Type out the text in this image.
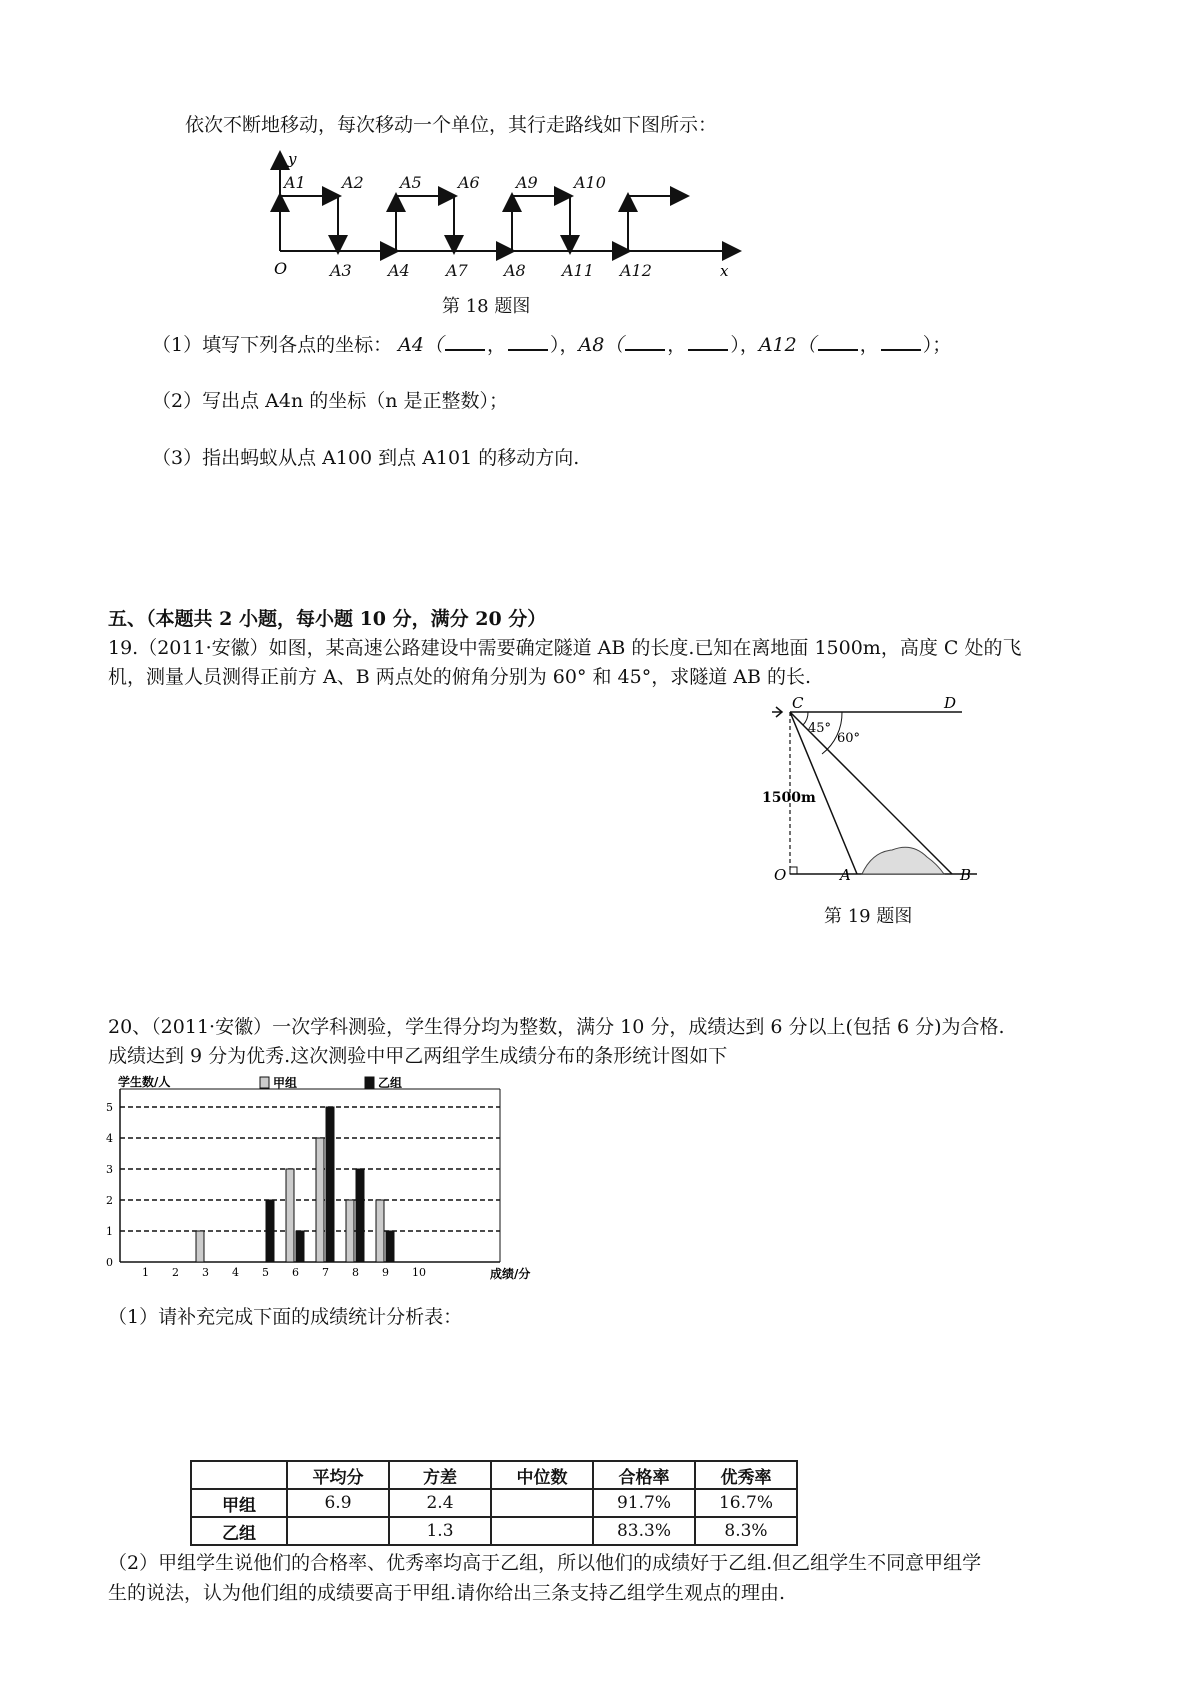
依次不断地移动，每次移动一个单位，其行走路线如下图所示：
A1 A2 A5 A6 A9 A10
A3 A4 A7 A8 A11 A12
y
x
O
第 18 题图
（1）填写下列各点的坐标： A4（ ， ），A8（ ， ），A12（ ， ）；
（2）写出点 A4n 的坐标（n 是正整数）；
（3）指出蚂蚁从点 A100 到点 A101 的移动方向.
五、（本题共 2 小题，每小题 10 分，满分 20 分）
19.（2011·安徽）如图，某高速公路建设中需要确定隧道 AB 的长度.已知在离地面 1500m，高度 C 处的飞
机，测量人员测得正前方 A、B 两点处的俯角分别为 60° 和 45°，求隧道 AB 的长.
C	D
O	A	B
45°
60°
1500m
第 19 题图
20、（2011·安徽）一次学科测验，学生得分均为整数，满分 10 分，成绩达到 6 分以上(包括 6 分)为合格.
成绩达到 9 分为优秀.这次测验中甲乙两组学生成绩分布的条形统计图如下
0
1
2
3
4
5
1 2 3 4 5 6 7 8 9 10
学生数/人
成绩/分
甲组	乙组
（1）请补充完成下面的成绩统计分析表：
	平均分	方差	中位数	合格率	优秀率
甲组	6.9	2.4		91.7%	16.7%
乙组		1.3		83.3%	8.3%
（2）甲组学生说他们的合格率、优秀率均高于乙组，所以他们的成绩好于乙组.但乙组学生不同意甲组学
生的说法，认为他们组的成绩要高于甲组.请你给出三条支持乙组学生观点的理由.
